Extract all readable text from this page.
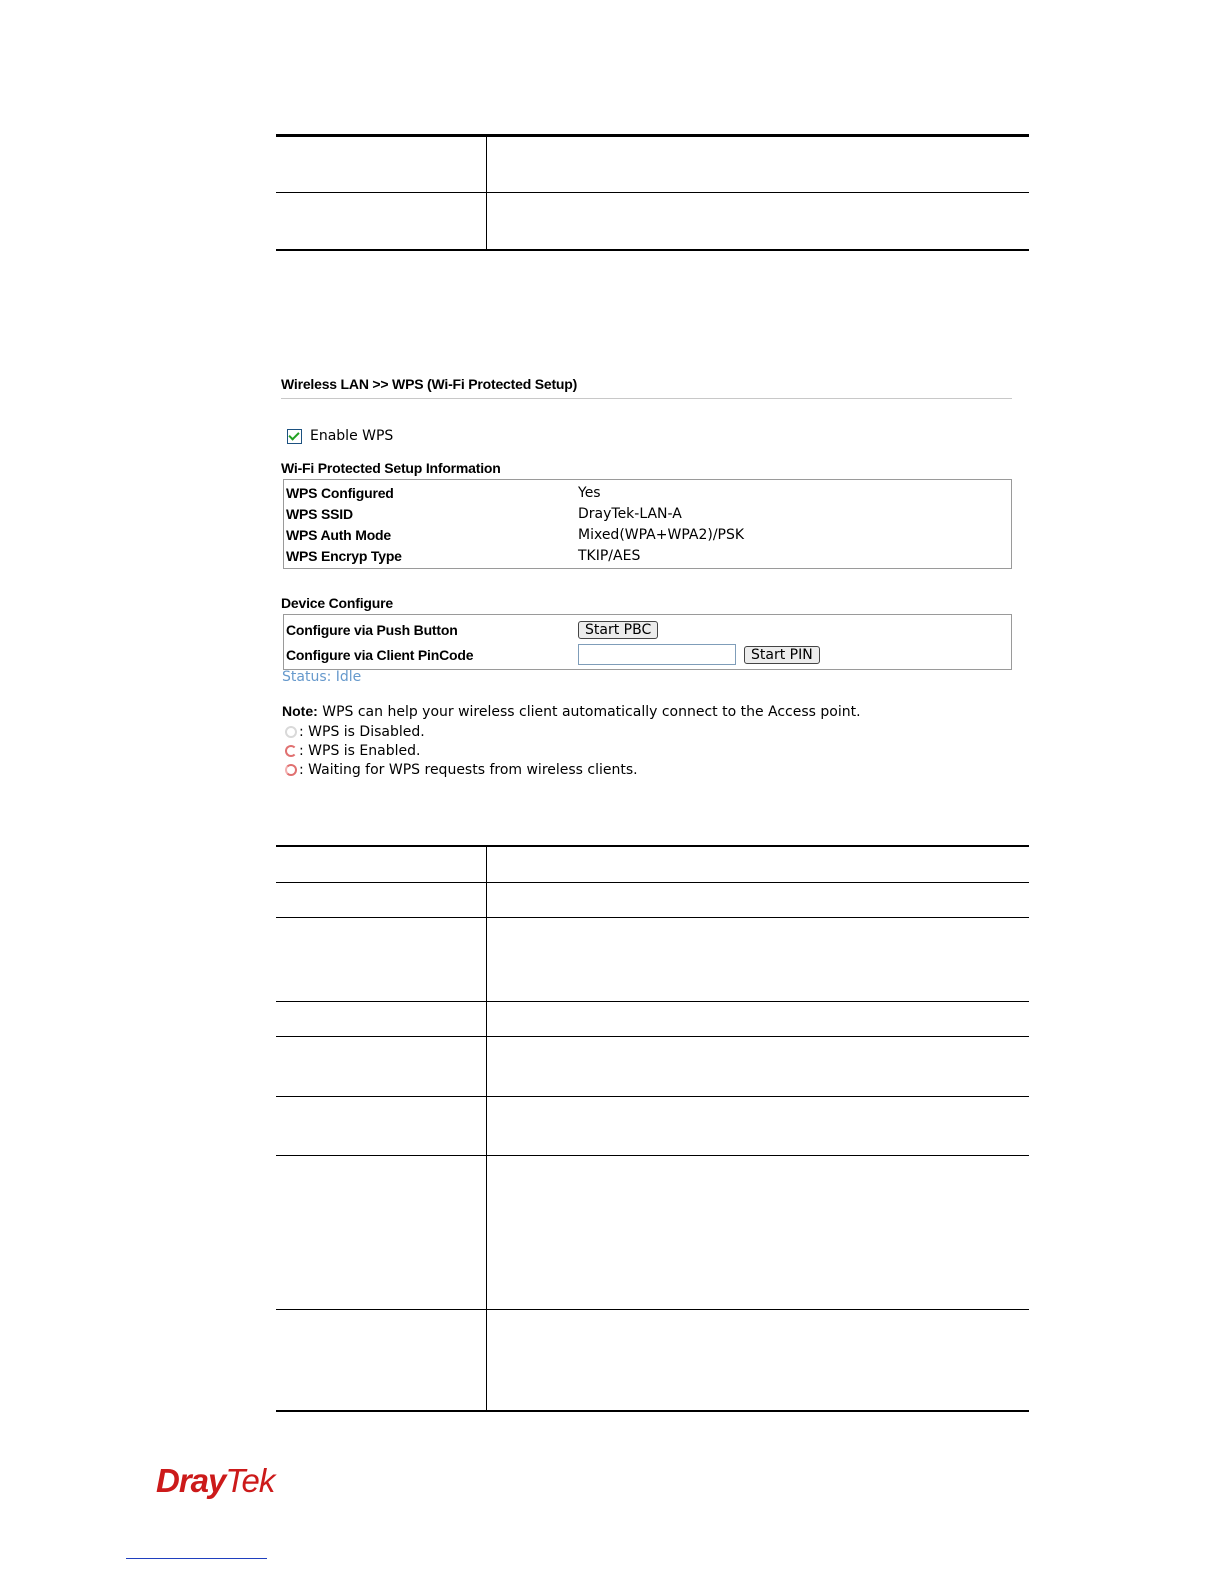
Wireless LAN >> WPS (Wi-Fi Protected Setup)
Enable WPS
Wi-Fi Protected Setup Information
WPS Configured	Yes
WPS SSID	DrayTek-LAN-A
WPS Auth Mode	Mixed(WPA+WPA2)/PSK
WPS Encryp Type	TKIP/AES
Device Configure
Configure via Push Button	Start PBC
Configure via Client PinCode	Start PIN
Status: Idle
Note: WPS can help your wireless client automatically connect to the Access point.
: WPS is Disabled.
: WPS is Enabled.
: Waiting for WPS requests from wireless clients.

DrayTek
